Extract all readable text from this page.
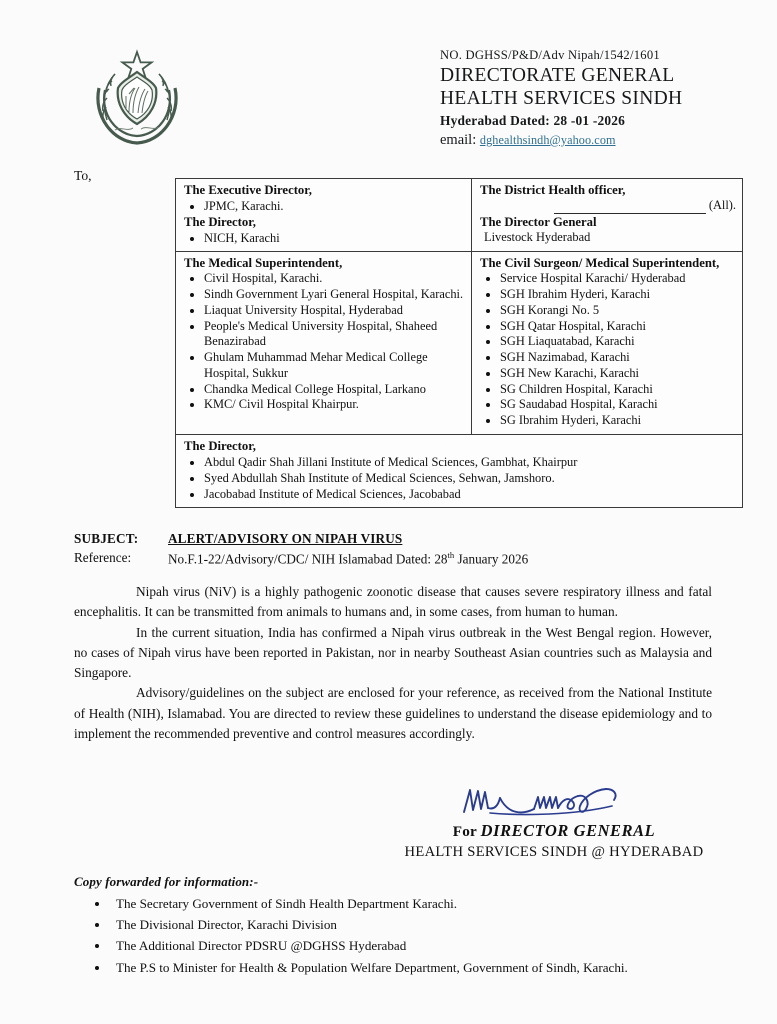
NO. DGHSS/P&D/Adv Nipah/1542/1601
DIRECTORATE GENERAL
HEALTH SERVICES SINDH
Hyderabad Dated: 28 -01 -2026
email: dghealthsindh@yahoo.com
To,
The Executive Director,
• JPMC, Karachi.
The Director,
• NICH, Karachi

The District Health officer,
(All).
The Director General
Livestock Hyderabad

The Medical Superintendent,
• Civil Hospital, Karachi.
• Sindh Government Lyari General Hospital, Karachi.
• Liaquat University Hospital, Hyderabad
• People's Medical University Hospital, Shaheed Benazirabad
• Ghulam Muhammad Mehar Medical College Hospital, Sukkur
• Chandka Medical College Hospital, Larkano
• KMC/ Civil Hospital Khairpur.

The Civil Surgeon/ Medical Superintendent,
• Service Hospital Karachi/ Hyderabad
• SGH Ibrahim Hyderi, Karachi
• SGH Korangi No. 5
• SGH Qatar Hospital, Karachi
• SGH Liaquatabad, Karachi
• SGH Nazimabad, Karachi
• SGH New Karachi, Karachi
• SG Children Hospital, Karachi
• SG Saudabad Hospital, Karachi
• SG Ibrahim Hyderi, Karachi

The Director,
• Abdul Qadir Shah Jillani Institute of Medical Sciences, Gambhat, Khairpur
• Syed Abdullah Shah Institute of Medical Sciences, Sehwan, Jamshoro.
• Jacobabad Institute of Medical Sciences, Jacobabad
SUBJECT:	ALERT/ADVISORY ON NIPAH VIRUS
Reference:	No.F.1-22/Advisory/CDC/ NIH Islamabad Dated: 28th January 2026

Nipah virus (NiV) is a highly pathogenic zoonotic disease that causes severe respiratory illness and fatal encephalitis. It can be transmitted from animals to humans and, in some cases, from human to human.

In the current situation, India has confirmed a Nipah virus outbreak in the West Bengal region. However, no cases of Nipah virus have been reported in Pakistan, nor in nearby Southeast Asian countries such as Malaysia and Singapore.

Advisory/guidelines on the subject are enclosed for your reference, as received from the National Institute of Health (NIH), Islamabad. You are directed to review these guidelines to understand the disease epidemiology and to implement the recommended preventive and control measures accordingly.

For DIRECTOR GENERAL
HEALTH SERVICES SINDH @ HYDERABAD
Copy forwarded for information:-
• The Secretary Government of Sindh Health Department Karachi.
• The Divisional Director, Karachi Division
• The Additional Director PDSRU @DGHSS Hyderabad
• The P.S to Minister for Health & Population Welfare Department, Government of Sindh, Karachi.
